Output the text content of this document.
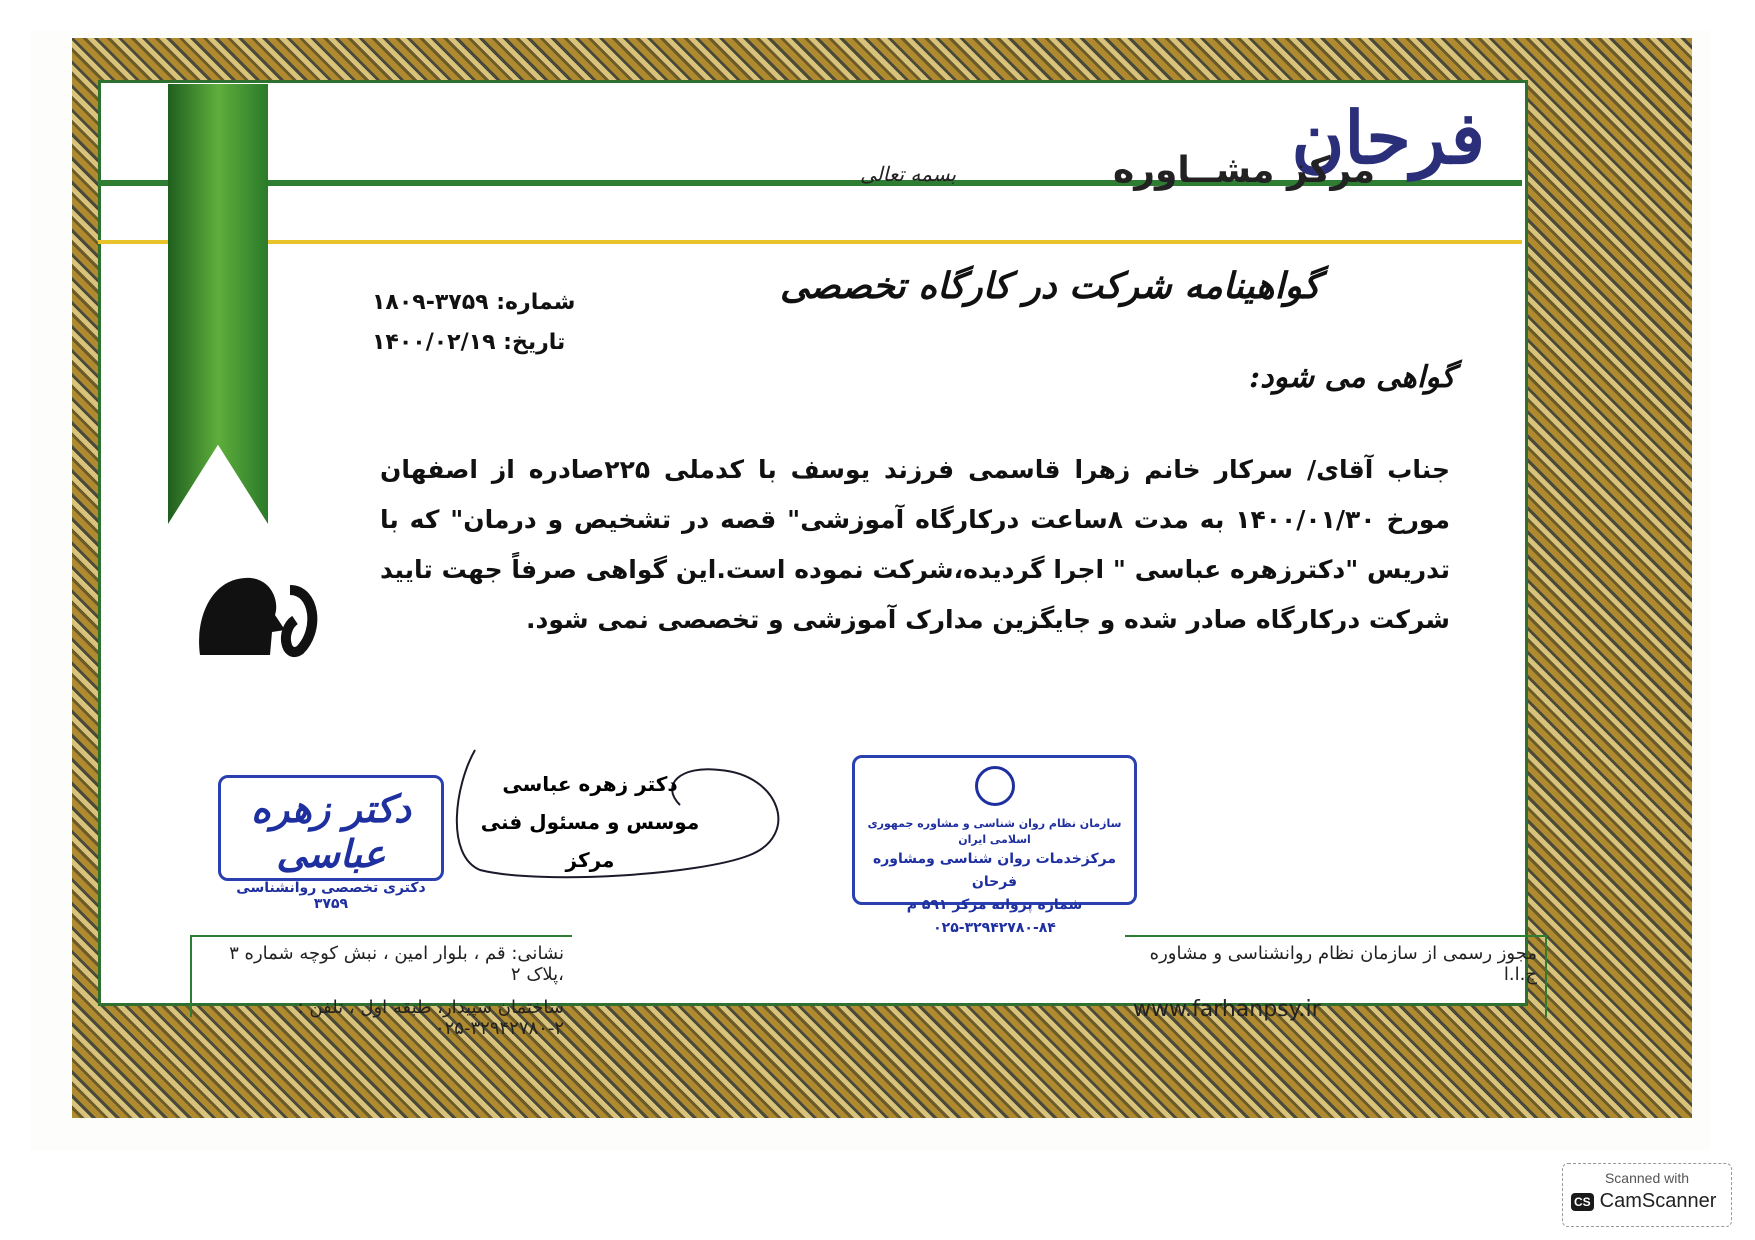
فرحان
مرکز مشــاوره
بسمه تعالی
گواهینامه شرکت در کارگاه تخصصی
شماره: ۳۷۵۹-۱۸۰۹
تاریخ: ۱۴۰۰/۰۲/۱۹
گواهی می شود:
جناب آقای/ سرکار خانم زهرا قاسمی فرزند یوسف با کدملی ۲۲۵صادره از اصفهان مورخ ۱۴۰۰/۰۱/۳۰ به مدت ۸ساعت درکارگاه آموزشی" قصه در تشخیص و درمان" که با تدریس "دکترزهره عباسی " اجرا گردیده،شرکت نموده است.این گواهی صرفاً جهت تایید شرکت درکارگاه صادر شده و جایگزین مدارک آموزشی و تخصصی نمی شود.
دکتر زهره عباسی
موسس و مسئول فنی مرکز
دکتر زهره عباسی
دکتری تخصصی روانشناسی ۳۷۵۹
سازمان نظام روان شناسی و مشاوره جمهوری اسلامی ایران
مرکزخدمات روان شناسی ومشاوره فرحان
شماره پروانه مرکز ۵۹۱ م
۰۲۵-۳۲۹۴۲۷۸۰-۸۴
نشانی: قم ، بلوار امین ، نبش کوچه شماره ۳ ،پلاک ۲
ساختمان سپیدار، طبقه اول ، تلفن : ۲-۳۲۹۴۲۷۸۰-۰۲۵
مجوز رسمی از سازمان نظام روانشناسی و مشاوره ج.ا.ا
www.farhanpsy.ir
Scanned with
CS CamScanner
